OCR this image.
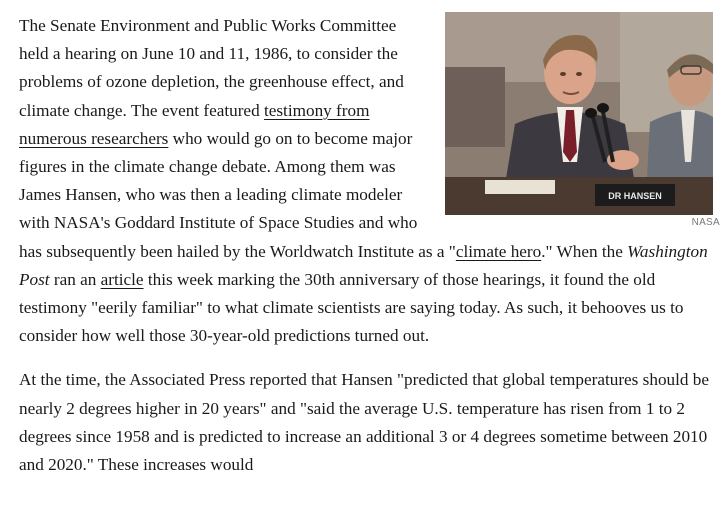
DR HANSEN
NASA

The Senate Environment and Public Works Committee held a hearing on June 10 and 11, 1986, to consider the problems of ozone depletion, the greenhouse effect, and climate change. The event featured testimony from numerous researchers who would go on to become major figures in the climate change debate. Among them was James Hansen, who was then a leading climate modeler with NASA's Goddard Institute of Space Studies and who has subsequently been hailed by the Worldwatch Institute as a "climate hero." When the Washington Post ran an article this week marking the 30th anniversary of those hearings, it found the old testimony "eerily familiar" to what climate scientists are saying today. As such, it behooves us to consider how well those 30-year-old predictions turned out.

At the time, the Associated Press reported that Hansen "predicted that global temperatures should be nearly 2 degrees higher in 20 years" and "said the average U.S. temperature has risen from 1 to 2 degrees since 1958 and is predicted to increase an additional 3 or 4 degrees sometime between 2010 and 2020." These increases would
